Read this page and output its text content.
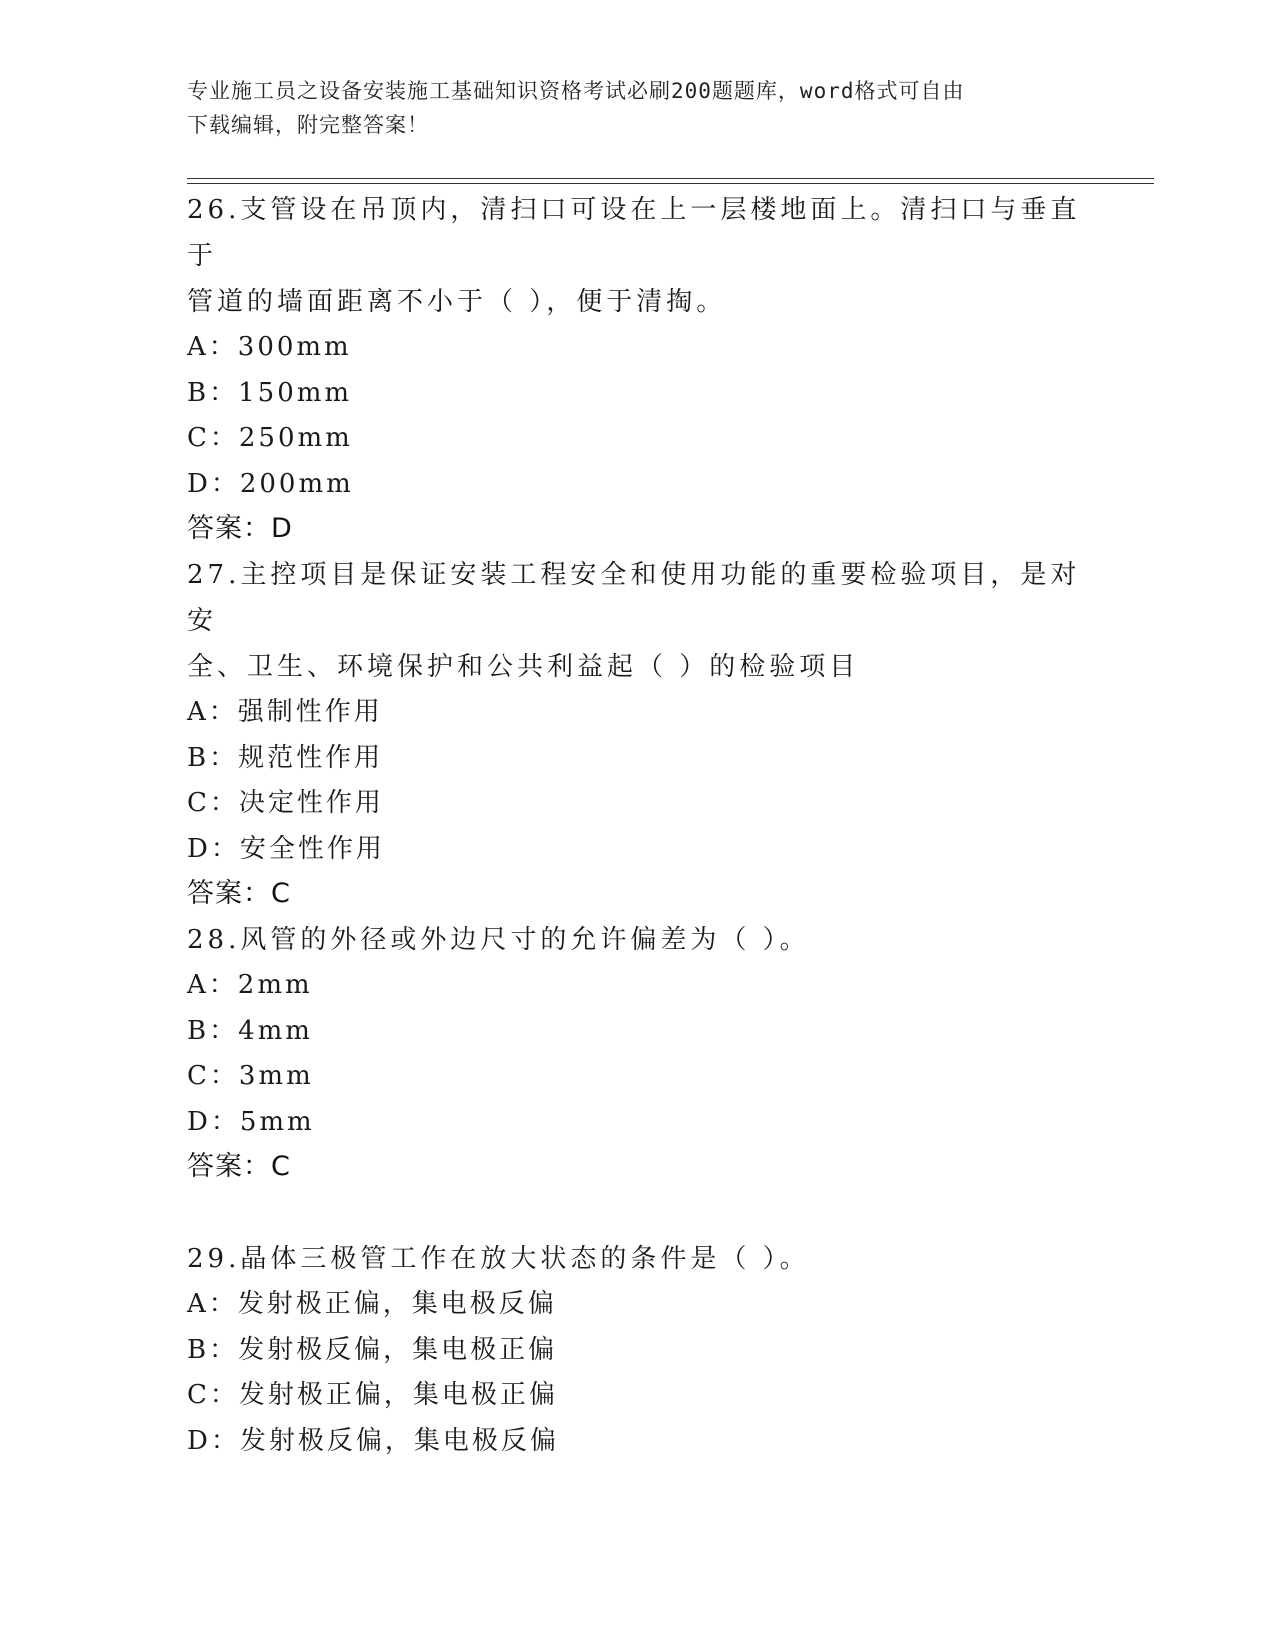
专业施工员之设备安装施工基础知识资格考试必刷200题题库，word格式可自由
下载编辑，附完整答案！

26.支管设在吊顶内，清扫口可设在上一层楼地面上。清扫口与垂直于

管道的墙面距离不小于（ ），便于清掏。

A：300mm

B：150mm

C：250mm

D：200mm

答案：D

27.主控项目是保证安装工程安全和使用功能的重要检验项目，是对安

全、卫生、环境保护和公共利益起（ ）的检验项目

A：强制性作用

B：规范性作用

C：决定性作用

D：安全性作用

答案：C

28.风管的外径或外边尺寸的允许偏差为（ ）。

A：2mm

B：4mm

C：3mm

D：5mm

答案：C

29.晶体三极管工作在放大状态的条件是（ ）。

A：发射极正偏，集电极反偏

B：发射极反偏，集电极正偏

C：发射极正偏，集电极正偏

D：发射极反偏，集电极反偏
